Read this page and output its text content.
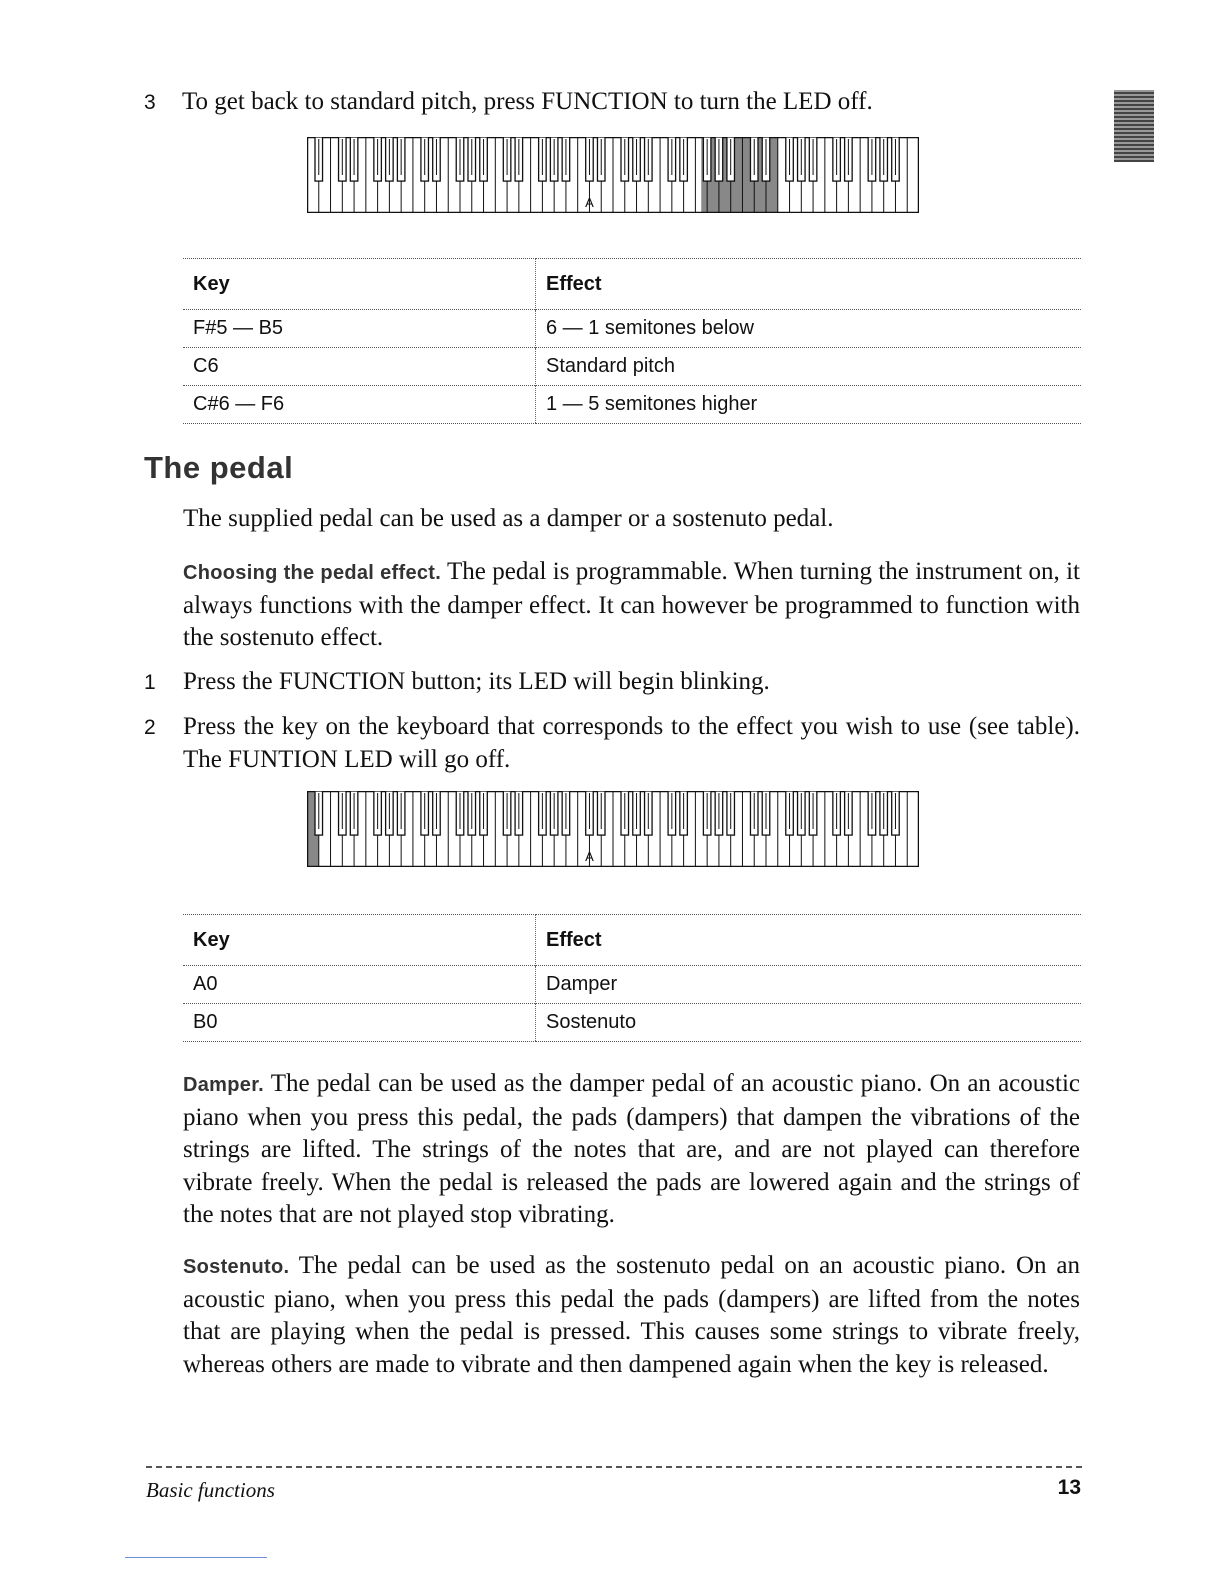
3 To get back to standard pitch, press FUNCTION to turn the LED off.
A
Key	Effect
F#5 — B5	6 — 1 semitones below
C6	Standard pitch
C#6 — F6	1 — 5 semitones higher
The pedal
The supplied pedal can be used as a damper or a sostenuto pedal.
Choosing the pedal effect. The pedal is programmable. When turning the instrument on, it always functions with the damper effect. It can however be programmed to function with the sostenuto effect.
1 Press the FUNCTION button; its LED will begin blinking.
2 Press the key on the keyboard that corresponds to the effect you wish to use (see table). The FUNTION LED will go off.
A
Key	Effect
A0	Damper
B0	Sostenuto
Damper. The pedal can be used as the damper pedal of an acoustic piano. On an acoustic piano when you press this pedal, the pads (dampers) that dampen the vibrations of the strings are lifted. The strings of the notes that are, and are not played can therefore vibrate freely. When the pedal is released the pads are lowered again and the strings of the notes that are not played stop vibrating.
Sostenuto. The pedal can be used as the sostenuto pedal on an acoustic piano. On an acoustic piano, when you press this pedal the pads (dampers) are lifted from the notes that are playing when the pedal is pressed. This causes some strings to vibrate freely, whereas others are made to vibrate and then dampened again when the key is released.
Basic functions	13
